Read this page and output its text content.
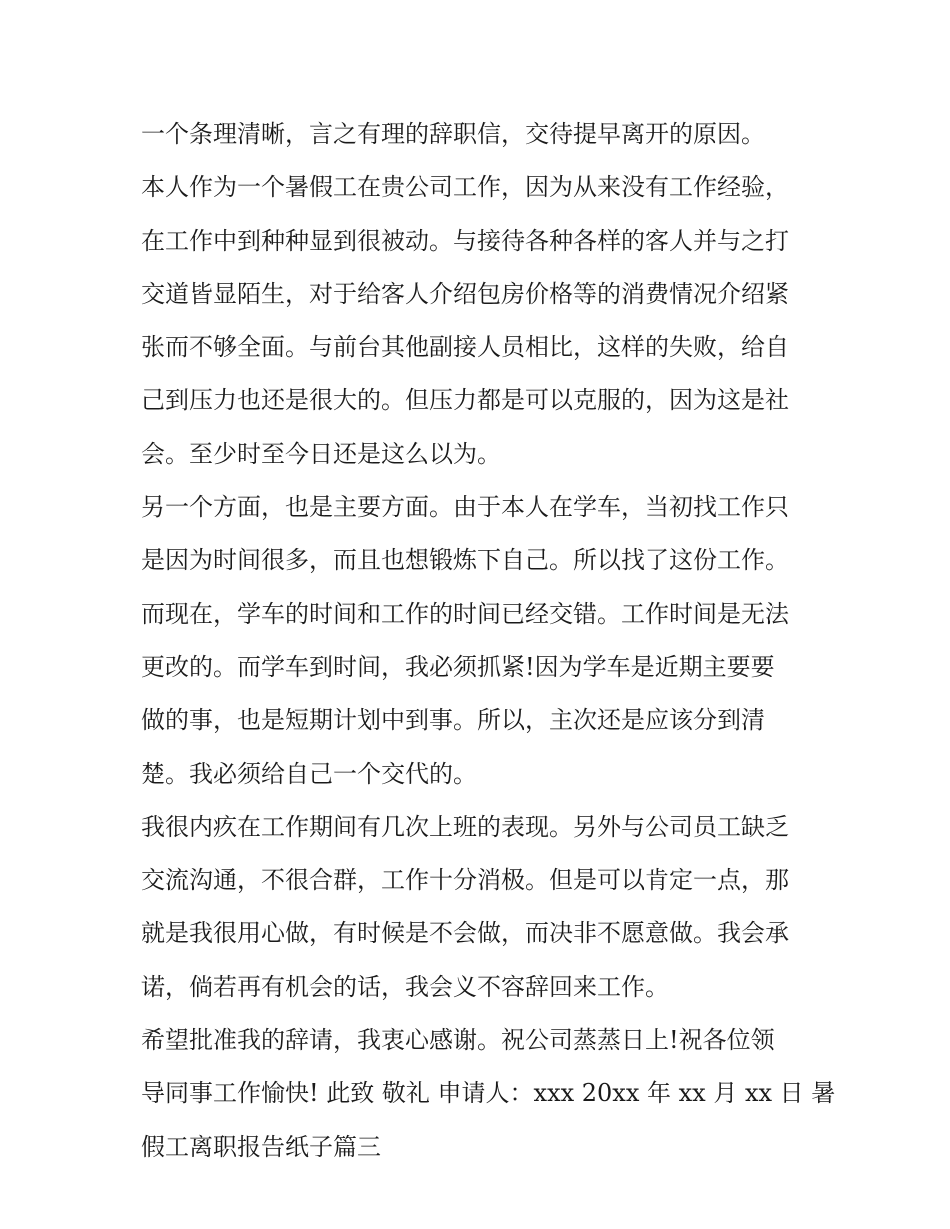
一个条理清晰，言之有理的辞职信，交待提早离开的原因。
本人作为一个暑假工在贵公司工作，因为从来没有工作经验，
在工作中到种种显到很被动。与接待各种各样的客人并与之打
交道皆显陌生，对于给客人介绍包房价格等的消费情况介绍紧
张而不够全面。与前台其他副接人员相比，这样的失败，给自
己到压力也还是很大的。但压力都是可以克服的，因为这是社
会。至少时至今日还是这么以为。
另一个方面，也是主要方面。由于本人在学车，当初找工作只
是因为时间很多，而且也想锻炼下自己。所以找了这份工作。
而现在，学车的时间和工作的时间已经交错。工作时间是无法
更改的。而学车到时间，我必须抓紧!因为学车是近期主要要
做的事，也是短期计划中到事。所以，主次还是应该分到清
楚。我必须给自己一个交代的。
我很内疚在工作期间有几次上班的表现。另外与公司员工缺乏
交流沟通，不很合群，工作十分消极。但是可以肯定一点，那
就是我很用心做，有时候是不会做，而决非不愿意做。我会承
诺，倘若再有机会的话，我会义不容辞回来工作。
希望批准我的辞请，我衷心感谢。祝公司蒸蒸日上!祝各位领
导同事工作愉快! 此致 敬礼 申请人：xxx 20xx 年 xx 月 xx 日 暑
假工离职报告纸子篇三
